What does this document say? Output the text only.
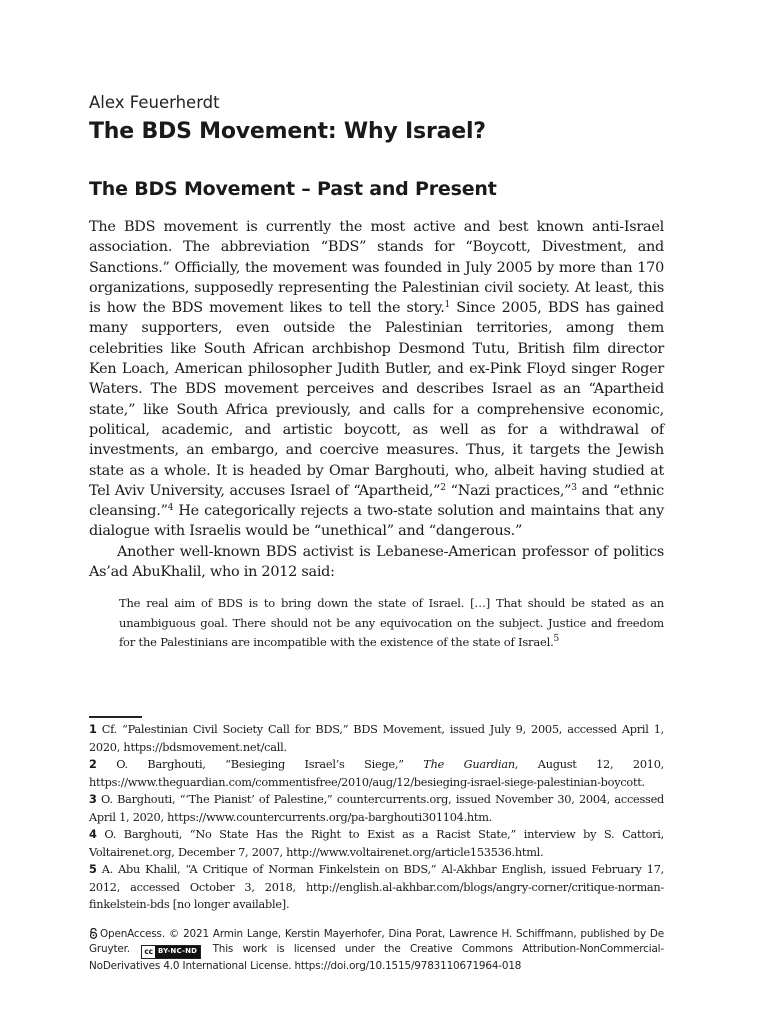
Alex Feuerherdt

The BDS Movement: Why Israel?
The BDS Movement – Past and Present

The BDS movement is currently the most active and best known anti-Israel association. The abbreviation “BDS” stands for “Boycott, Divestment, and Sanctions.” Officially, the movement was founded in July 2005 by more than 170 organizations, supposedly representing the Palestinian civil society. At least, this is how the BDS movement likes to tell the story.$^1$ Since 2005, BDS has gained many supporters, even outside the Palestinian territories, among them celebrities like South African archbishop Desmond Tutu, British film director Ken Loach, American philosopher Judith Butler, and ex-Pink Floyd singer Roger Waters. The BDS movement perceives and describes Israel as an “Apartheid state,” like South Africa previously, and calls for a comprehensive economic, political, academic, and artistic boycott, as well as for a withdrawal of investments, an embargo, and coercive measures. Thus, it targets the Jewish state as a whole. It is headed by Omar Barghouti, who, albeit having studied at Tel Aviv University, accuses Israel of “Apartheid,”$^2$ “Nazi practices,”$^3$ and “ethnic cleansing.”$^4$ He categorically rejects a two-state solution and maintains that any dialogue with Israelis would be “unethical” and “dangerous.”

Another well-known BDS activist is Lebanese-American professor of politics As’ad AbuKhalil, who in 2012 said:

The real aim of BDS is to bring down the state of Israel. […] That should be stated as an unambiguous goal. There should not be any equivocation on the subject. Justice and freedom for the Palestinians are incompatible with the existence of the state of Israel.$^5$

1 Cf. “Palestinian Civil Society Call for BDS,” BDS Movement, issued July 9, 2005, accessed April 1, 2020, https://bdsmovement.net/call.

2 O. Barghouti, “Besieging Israel’s Siege,” The Guardian, August 12, 2010, https://www.theguardian.com/commentisfree/2010/aug/12/besieging-israel-siege-palestinian-boycott.

3 O. Barghouti, “‘The Pianist’ of Palestine,” countercurrents.org, issued November 30, 2004, accessed April 1, 2020, https://www.countercurrents.org/pa-barghouti301104.htm.

4 O. Barghouti, “No State Has the Right to Exist as a Racist State,” interview by S. Cattori, Voltairenet.org, December 7, 2007, http://www.voltairenet.org/article153536.html.

5 A. Abu Khalil, “A Critique of Norman Finkelstein on BDS,” Al-Akhbar English, issued February 17, 2012, accessed October 3, 2018, http://english.al-akhbar.com/blogs/angry-corner/critique-norman-finkelstein-bds [no longer available].

OpenAccess. © 2021 Armin Lange, Kerstin Mayerhofer, Dina Porat, Lawrence H. Schiffmann, published by De Gruyter. cc BY-NC-ND This work is licensed under the Creative Commons Attribution-NonCommercial-NoDerivatives 4.0 International License. https://doi.org/10.1515/9783110671964-018
